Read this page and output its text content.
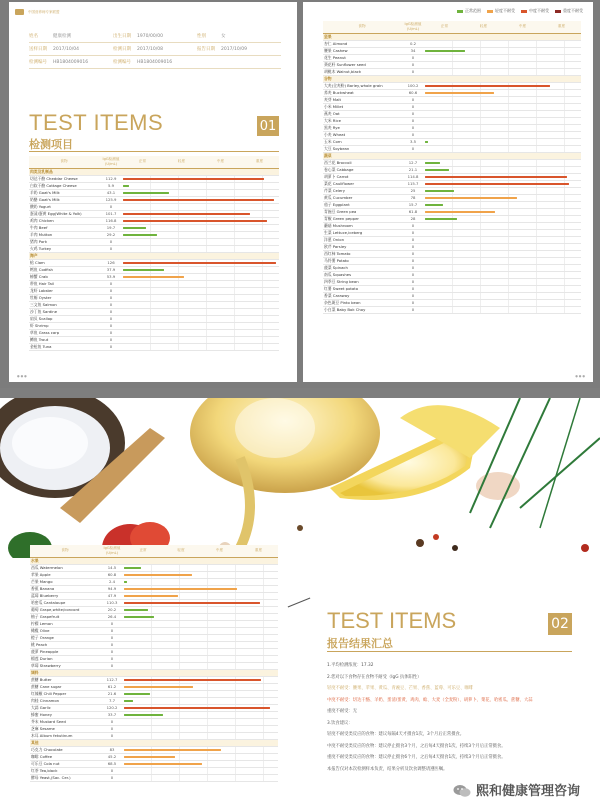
中国营养师专家联盟
姓名	健康检测	出生日期	1970/00/00	性别	女
送样日期	2017/10/04	检测日期	2017/10/08	报告日期	2017/10/09
检测编号	HB1804009016	检测编号	HB1804009016
TEST ITEMS
检测项目
01
食物	IgG检测值 (U/mL)	正常	轻度	中度	重度
肉类及乳制品					
切达干酪 Cheddar Cheese	112.9				

白软干酪 Cottage Cheese	5.9				

羊奶 Goat's Milk	43.1				

奶酪 Goat's Milk	125.9				

酸奶 Yogurt	0				

蛋清/蛋黄 Egg(White & Yolk)	101.7				

鸡肉 Chicken	116.8				

牛肉 Beef	19.7				

羊肉 Mutton	29.2				

猪肉 Pork	0				

火鸡 Turkey	0				

海产					
蛤 Clam	126				

鳕鱼 Codfish	37.9				

螃蟹 Crab	53.9				

带鱼 Hair Tail	0				

龙虾 Lobster	0				

牡蛎 Oyster	0				

三文鱼 Salmon	0				

沙丁鱼 Sardine	0				

扇贝 Scallop	0				

虾 Shrimp	0				

草鱼 Grass carp	0				

鳟鱼 Trout	0				

金枪鱼 Tuna	0				
● ● ●
正常范围	轻度不耐受	中度不耐受	重度不耐受
食物	IgG检测值 (U/mL)	正常	轻度	中度	重度
坚果					
杏仁 Almond	0.2				

腰果 Cashew	34				

花生 Peanut	0				

葵花籽 Sunflower seed	0				

胡桃木 Walnut,black	0				

谷物					
大麦(全麦粉) Barley,whole grain	100.2				

荞麦 Buckwheat	60.6				

麦芽 Malt	0				

小米 Millet	0				

燕麦 Oat	0				

大米 Rice	0				

黑麦 Rye	0				

小麦 Wheat	0				

玉米 Corn	3.5				

大豆 Soybean	0				

蔬菜					
西兰花 Broccoli	12.7				

卷心菜 Cabbage	21.1				

胡萝卜 Carrot	114.8				

菜花 Cauliflower	115.7				

芹菜 Celery	25				

黄瓜 Cucumber	78				

茄子 Eggplant	15.7				

青豌豆 Green pea	61.8				

青椒 Green pepper	28				

蘑菇 Mushroom	0				

生菜 Lettuce,iceberg	0				

洋葱 Onion	0				

欧芹 Parsley	0				

西红柿 Tomato	0				

马铃薯 Potato	0				

菠菜 Spinach	0				

南瓜 Squashes	0				

四季豆 String bean	0				

红薯 Sweet potato	0				

香菜 Caraway	0				

杂色斑豆 Pinto bean	0				

小白菜 Baby Bok Choy	0				
● ● ●
食物	IgG检测值 (U/mL)	正常	轻度	中度	重度
水果					
西瓜 Watermelon	14.5				

苹果 Apple	60.8				

芒果 Mango	2.4				

香蕉 Banana	94.9				

蓝莓 Blueberry	47.9				

哈密瓜 Cantaloupe	110.3				

葡萄 Grape,white/concord	20.2				

柚子 Grapefruit	26.4				

柠檬 Lemon	0				

橄榄 Olive	0				

橙子 Orange	0				

桃 Peach	0				

菠萝 Pineapple	0				

榴莲 Durian	0				

草莓 Strawberry	0				

调料					
蔗糖 Butter	112.7				

蔗糖 Cane sugar	61.2				

红辣椒 Chili Pepper	21.6				

肉桂 Cinnamon	7.7				

大蒜 Garlic	120.2				

蜂蜜 Honey	33.7				

芥末 Mustard Seed	0				

芝麻 Sesame	0				

木耳 Album fekutinum	0				

其他					
巧克力 Chocolate	83				

咖啡 Coffee	45.2				

可乐豆 Cola nut	68.5				

红茶 Tea,black	0				

酵母 Yeast,(Sac. Cer.)	0				
TEST ITEMS
报告结果汇总
02

1.平均检测浓度：17.32

2.您对以下食物存在食物不耐受（IgG 抗体阳性）

轻度不耐受：腰果、苹果、黄瓜、青豌豆、芒果、香蕉、蓝莓、可乐豆、咖啡

中度不耐受：切达干酪、羊奶、蛋清/蛋黄、鸡肉、蛤、大麦（全麦粉）、胡萝卜、菜花、哈密瓜、蔗糖、大蒜

重度不耐受：无

3.饮食建议：

轻度不耐受类反应的食物：建议每隔4天才摄食1次，3个月后正常摄食。

中度不耐受类反应的食物：建议停止摄食3个月，之后每4天摄食1次，持续3个月后正常摄食。

重度不耐受类反应的食物：建议停止摄食6个月，之后每4天摄食1次，持续3个月后正常摄食。

本报告仅对本次检测样本负责，结果分析及饮食调整请遵医嘱。

熙和健康管理咨询
